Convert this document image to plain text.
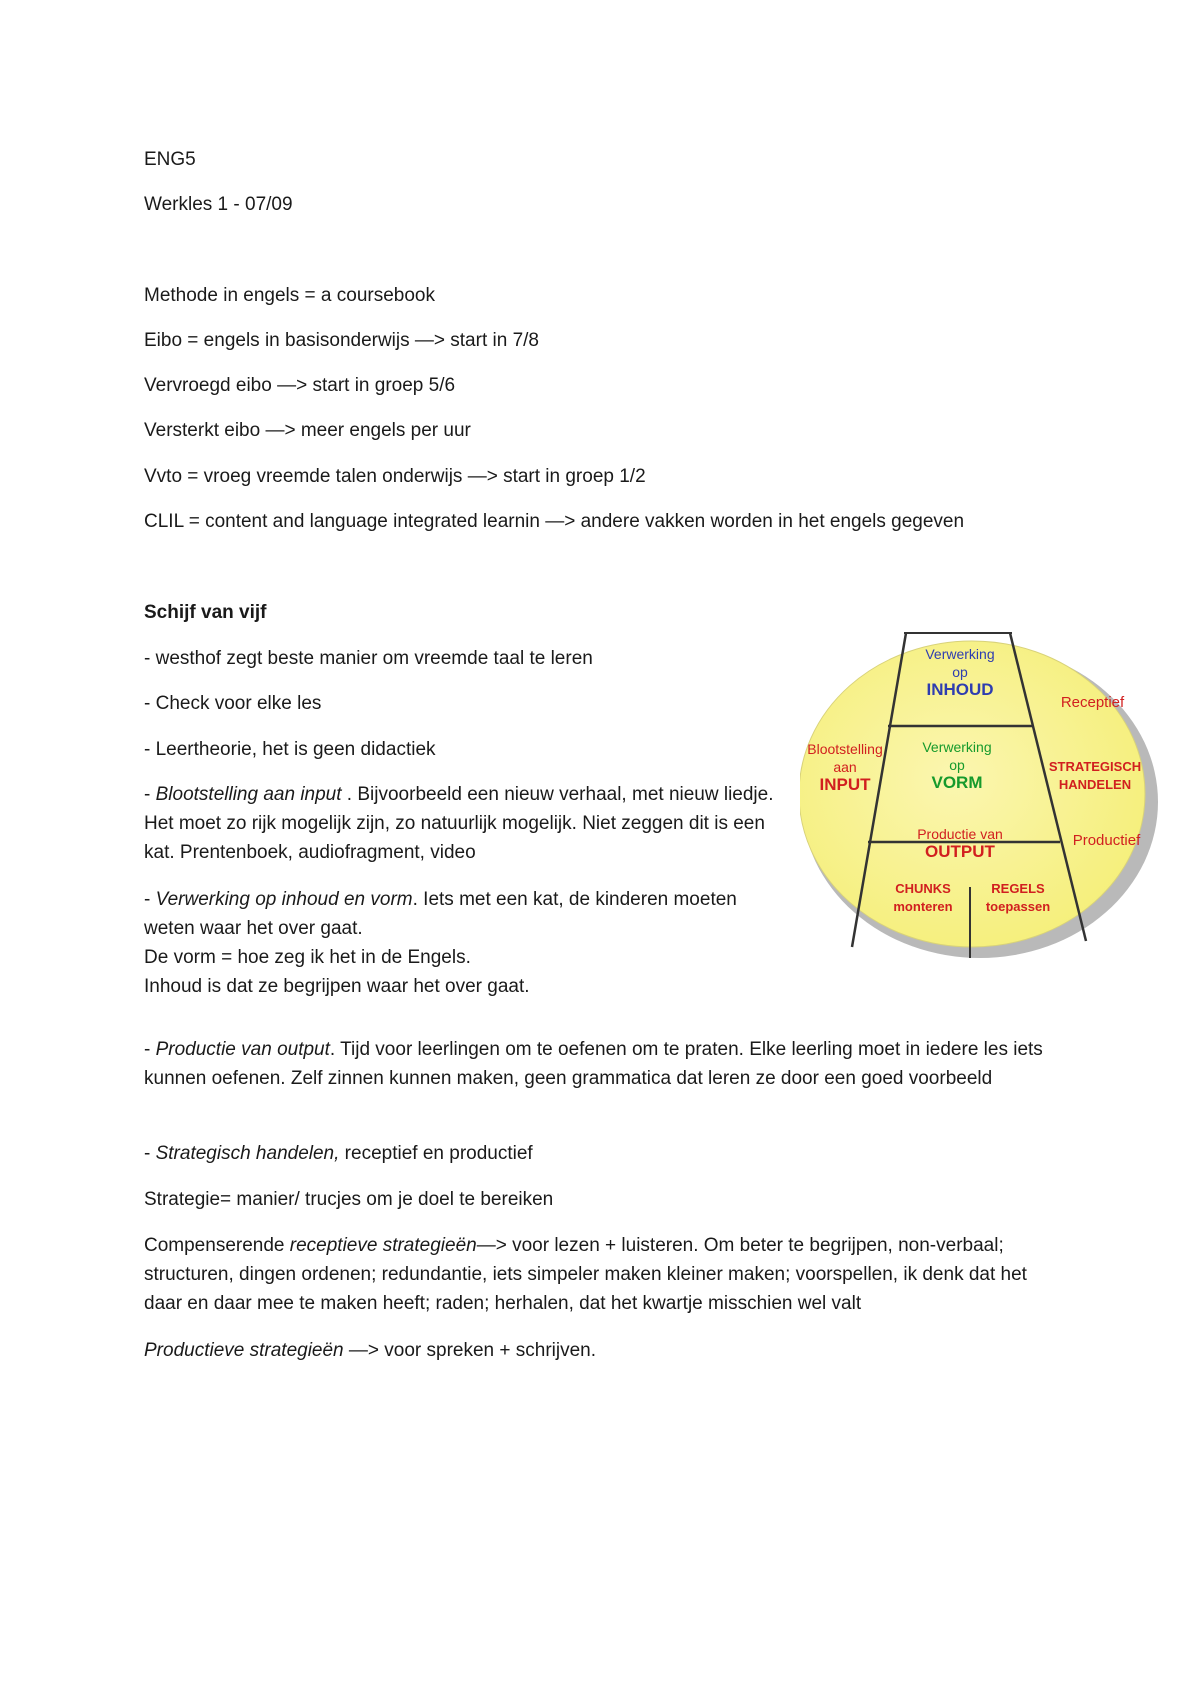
ENG5

Werkles 1 - 07/09

Methode in engels = a coursebook

Eibo = engels in basisonderwijs —> start in 7/8

Vervroegd eibo —> start in groep 5/6

Versterkt eibo —> meer engels per uur

Vvto = vroeg vreemde talen onderwijs —> start in groep 1/2

CLIL = content and language integrated learnin —> andere vakken worden in het engels gegeven

Schijf van vijf

- westhof zegt beste manier om vreemde taal te leren

- Check voor elke les

- Leertheorie, het is geen didactiek

- Blootstelling aan input . Bijvoorbeeld een nieuw verhaal, met nieuw liedje. Het moet zo rijk mogelijk zijn, zo natuurlijk mogelijk. Niet zeggen dit is een kat. Prentenboek, audiofragment, video

- Verwerking op inhoud en vorm. Iets met een kat, de kinderen moeten weten waar het over gaat.
De vorm = hoe zeg ik het in de Engels.
Inhoud is dat ze begrijpen waar het over gaat.

- Productie van output. Tijd voor leerlingen om te oefenen om te praten. Elke leerling moet in iedere les iets kunnen oefenen. Zelf zinnen kunnen maken, geen grammatica dat leren ze door een goed voorbeeld

- Strategisch handelen, receptief en productief

Strategie= manier/ trucjes om je doel te bereiken

Compenserende receptieve strategieën—> voor lezen + luisteren. Om beter te begrijpen, non-verbaal; structuren, dingen ordenen; redundantie, iets simpeler maken kleiner maken; voorspellen, ik denk dat het daar en daar mee te maken heeft; raden; herhalen, dat het kwartje misschien wel valt

Productieve strategieën —> voor spreken + schrijven.

Verwerking
op
INHOUD
Verwerking
op
VORM
Productie van
OUTPUT
CHUNKS
monteren
REGELS
toepassen
Blootstelling
aan
INPUT
Receptief
STRATEGISCH
HANDELEN
Productief
